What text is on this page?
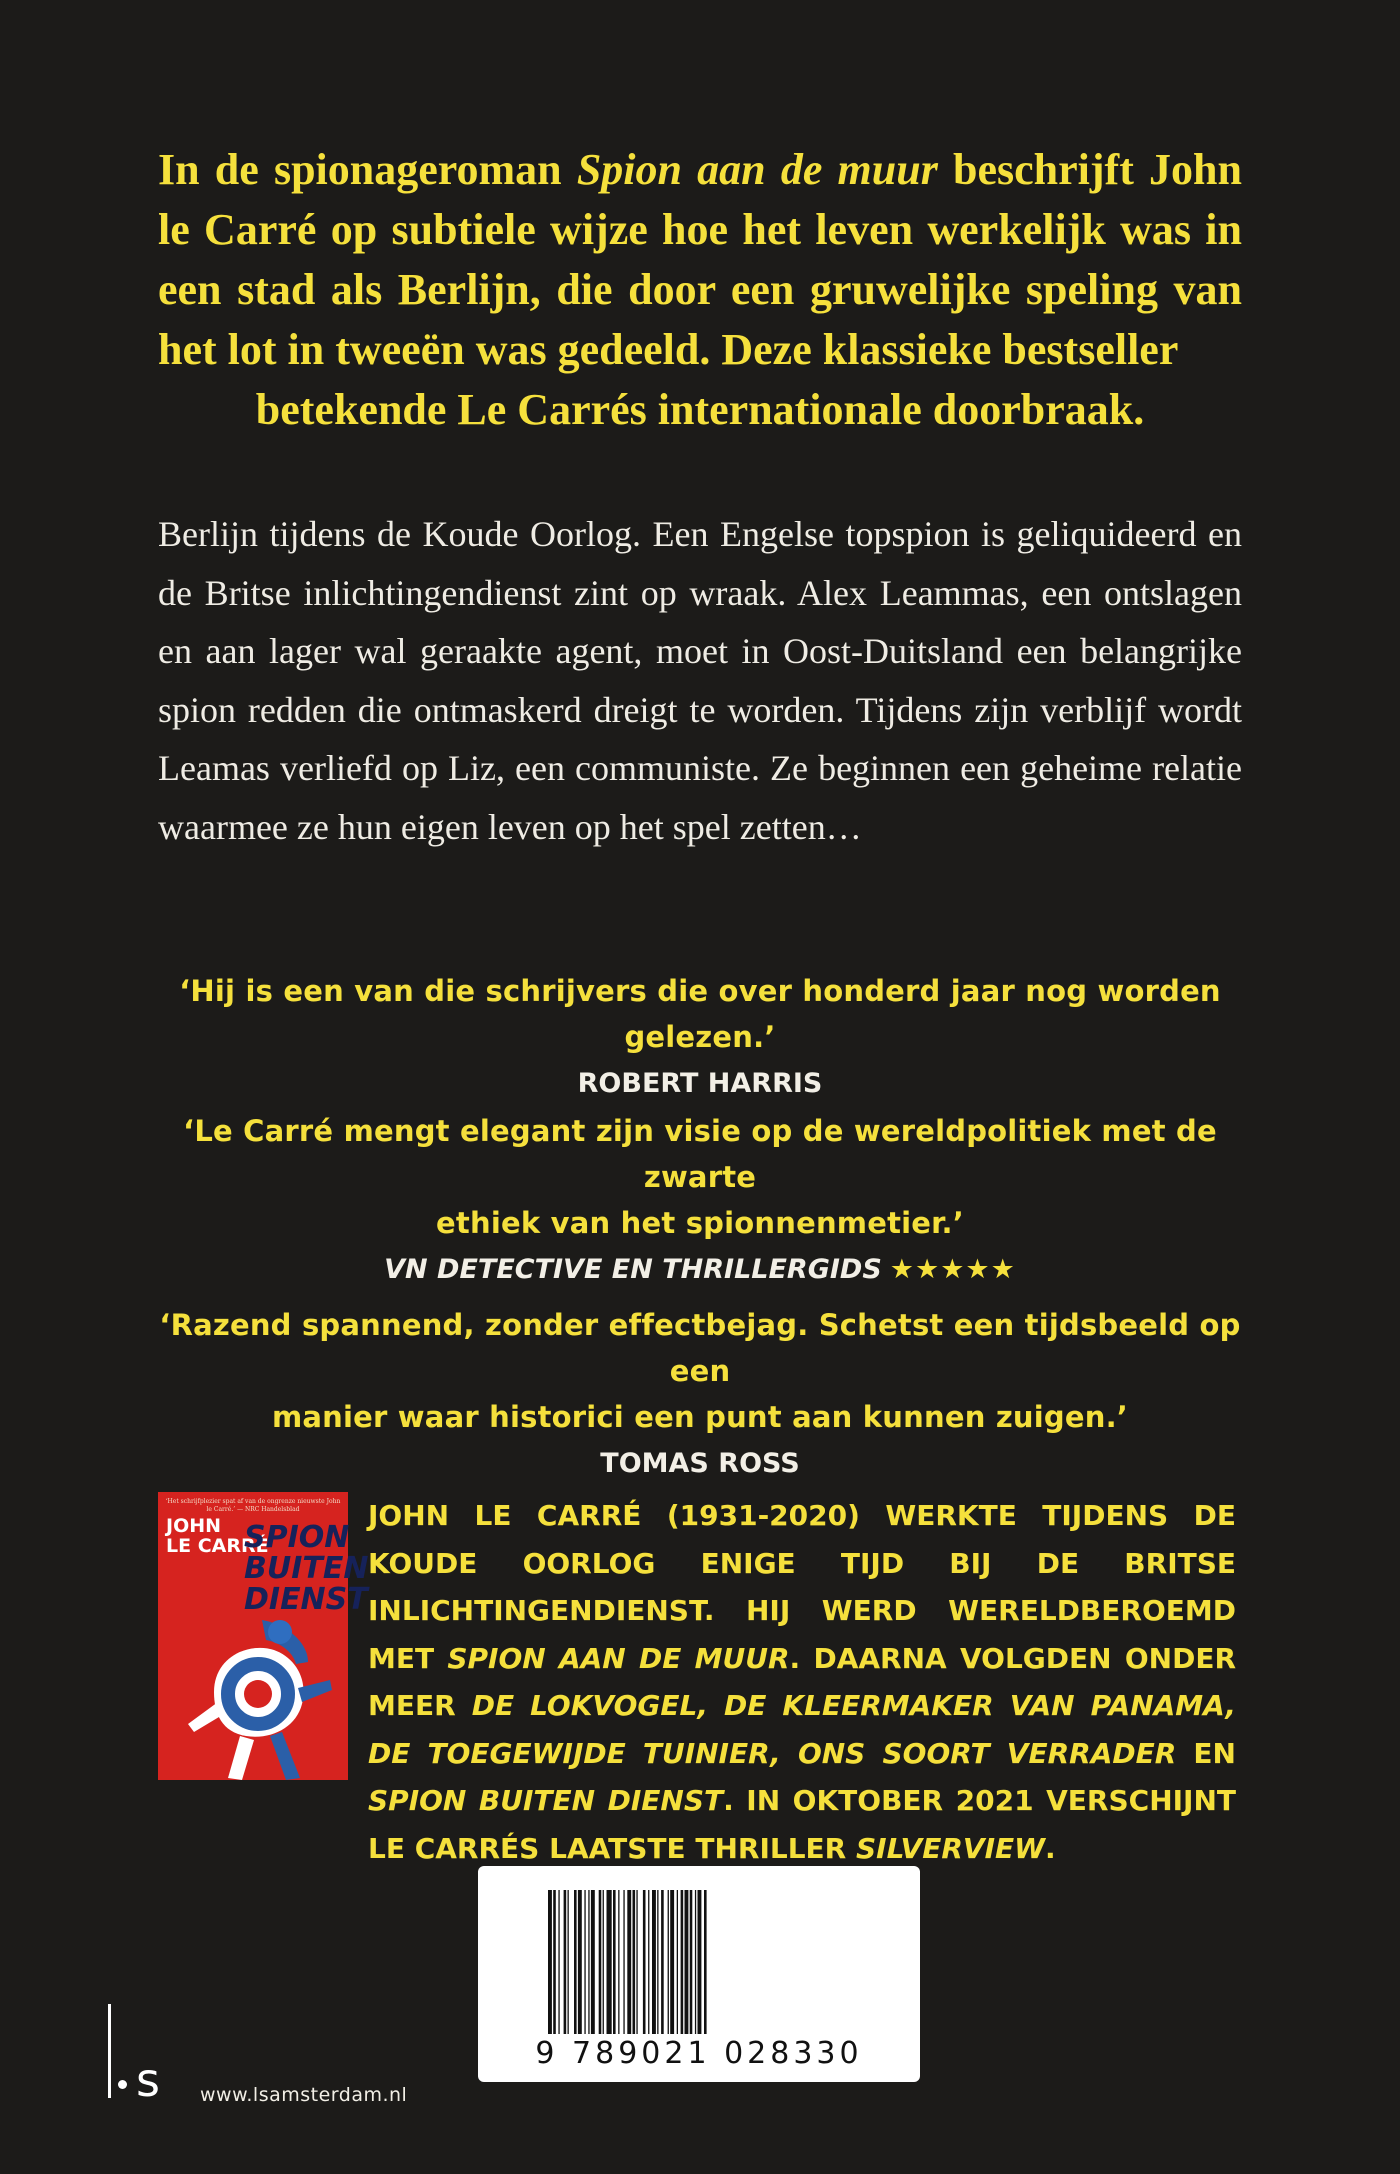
In de spionageroman Spion aan de muur beschrijft John le Carré op subtiele wijze hoe het leven werkelijk was in een stad als Berlijn, die door een gruwelijke speling van het lot in tweeën was gedeeld. Deze klassieke bestseller
betekende Le Carrés internationale doorbraak.
Berlijn tijdens de Koude Oorlog. Een Engelse topspion is geliquideerd en de Britse inlichtingendienst zint op wraak. Alex Leammas, een ontslagen en aan lager wal geraakte agent, moet in Oost-Duitsland een belangrijke spion redden die ontmaskerd dreigt te worden. Tijdens zijn verblijf wordt Leamas verliefd op Liz, een communiste. Ze beginnen een geheime relatie waarmee ze hun eigen leven op het spel zetten…
‘Hij is een van die schrijvers die over honderd jaar nog worden gelezen.’
ROBERT HARRIS
‘Le Carré mengt elegant zijn visie op de wereldpolitiek met de zwarte
ethiek van het spionnenmetier.’
VN DETECTIVE EN THRILLERGIDS ★★★★★
‘Razend spannend, zonder effectbejag. Schetst een tijdsbeeld op een
manier waar historici een punt aan kunnen zuigen.’
TOMAS ROSS
‘Het schrijfplezier spat af van de ongrenze nieuwste John le Carré.’ — NRC Handelsblad
JOHN
LE CARRÉ
SPION
BUITEN
DIENST
JOHN LE CARRÉ (1931-2020) WERKTE TIJDENS DE KOUDE OORLOG ENIGE TIJD BIJ DE BRITSE INLICHTINGENDIENST. HIJ WERD WERELDBEROEMD MET SPION AAN DE MUUR. DAARNA VOLGDEN ONDER MEER DE LOKVOGEL, DE KLEERMAKER VAN PANAMA, DE TOEGEWIJDE TUINIER, ONS SOORT VERRADER EN SPION BUITEN DIENST. IN OKTOBER 2021 VERSCHIJNT LE CARRÉS LAATSTE THRILLER SILVERVIEW.
9 789021 028330
s www.lsamsterdam.nl
